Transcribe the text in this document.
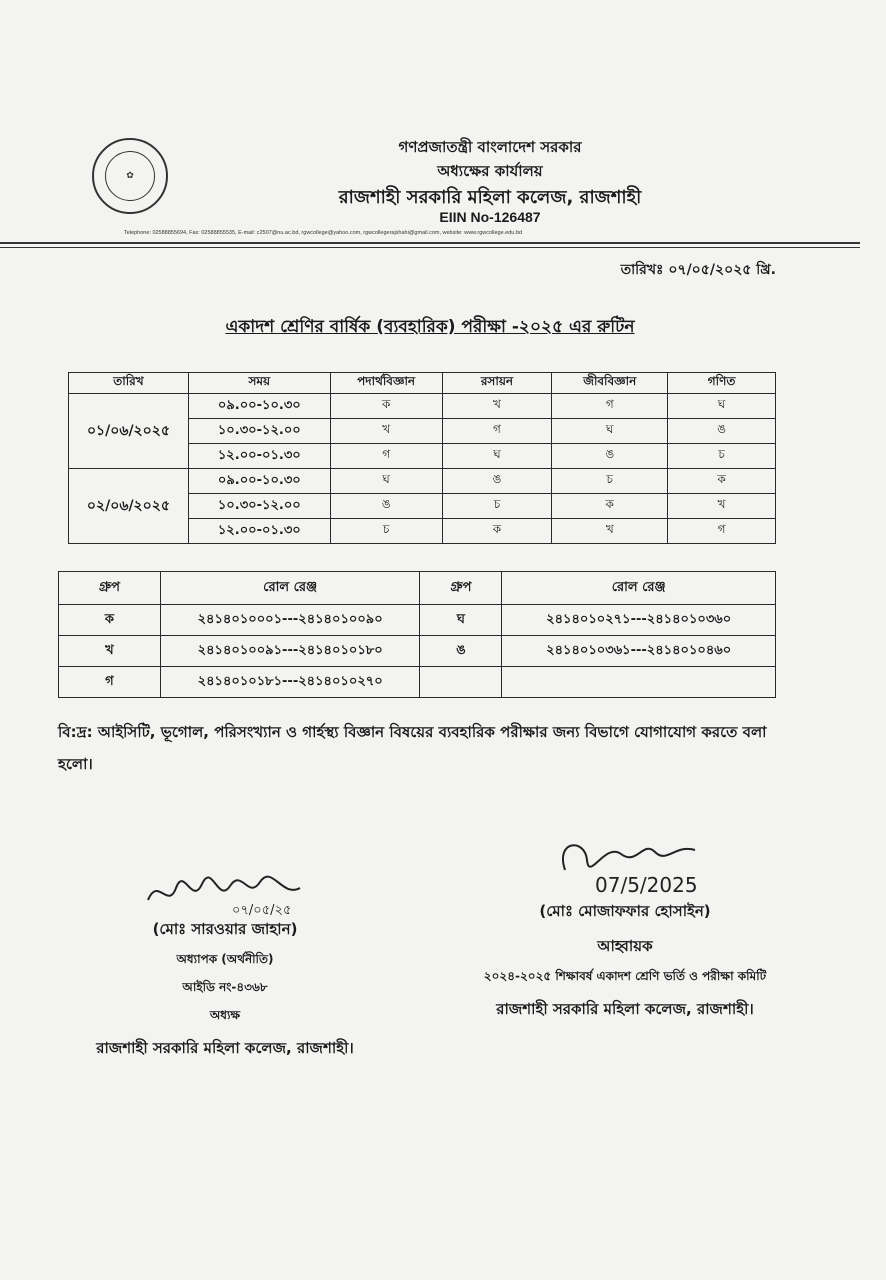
✿
গণপ্রজাতন্ত্রী বাংলাদেশ সরকার
অধ্যক্ষের কার্যালয়
রাজশাহী সরকারি মহিলা কলেজ, রাজশাহী
EIIN No-126487
Telephone: 02588855694, Fax: 02588855535, E-mail: c2507@nu.ac.bd, rgwcollege@yahoo.com, rgwcollegerajshahi@gmail.com, website: www.rgwcollege.edu.bd
তারিখঃ ০৭/০৫/২০২৫ খ্রি.
একাদশ শ্রেণির বার্ষিক (ব্যবহারিক) পরীক্ষা -২০২৫ এর রুটিন
তারিখ	সময়	পদার্থবিজ্ঞান	রসায়ন	জীববিজ্ঞান	গণিত
০১/০৬/২০২৫	০৯.০০-১০.৩০	ক	খ	গ	ঘ
	১০.৩০-১২.০০	খ	গ	ঘ	ঙ
	১২.০০-০১.৩০	গ	ঘ	ঙ	চ
০২/০৬/২০২৫	০৯.০০-১০.৩০	ঘ	ঙ	চ	ক
	১০.৩০-১২.০০	ঙ	চ	ক	খ
	১২.০০-০১.৩০	চ	ক	খ	গ
গ্রুপ	রোল রেঞ্জ	গ্রুপ	রোল রেঞ্জ
ক	২৪১৪০১০০০১---২৪১৪০১০০৯০	ঘ	২৪১৪০১০২৭১---২৪১৪০১০৩৬০
খ	২৪১৪০১০০৯১---২৪১৪০১০১৮০	ঙ	২৪১৪০১০৩৬১---২৪১৪০১০৪৬০
গ	২৪১৪০১০১৮১---২৪১৪০১০২৭০		
বি:দ্র: আইসিটি, ভূগোল, পরিসংখ্যান ও গার্হস্থ্য বিজ্ঞান বিষয়ের ব্যবহারিক পরীক্ষার জন্য বিভাগে যোগাযোগ করতে বলা হলো।
০৭/০৫/২৫
(মোঃ সারওয়ার জাহান)
অধ্যাপক (অর্থনীতি)
আইডি নং-৪৩৬৮
অধ্যক্ষ
রাজশাহী সরকারি মহিলা কলেজ, রাজশাহী।
07/5/2025
(মোঃ মোজাফফার হোসাইন)
আহ্বায়ক
২০২৪-২০২৫ শিক্ষাবর্ষ একাদশ শ্রেণি ভর্তি ও পরীক্ষা কমিটি
রাজশাহী সরকারি মহিলা কলেজ, রাজশাহী।
